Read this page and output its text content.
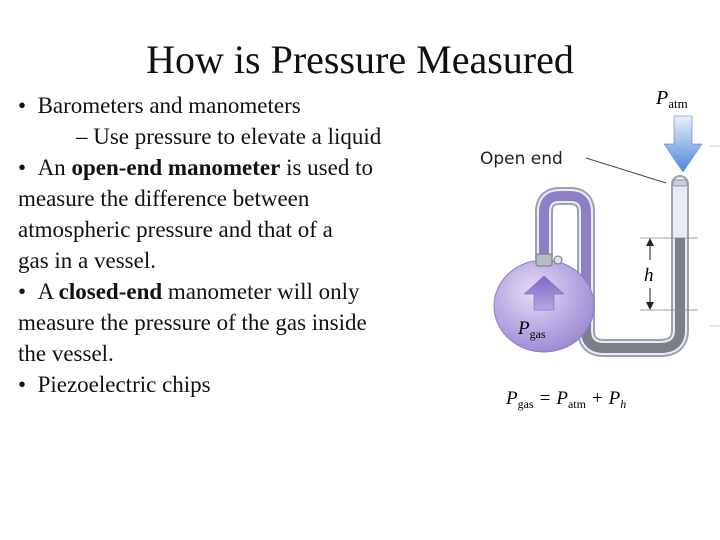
How is Pressure Measured
• Barometers and manometers
– Use pressure to elevate a liquid
• An open-end manometer is used to
measure the difference between
atmospheric pressure and that of a
gas in a vessel.
• A closed-end manometer will only
measure the pressure of the gas inside
the vessel.
• Piezoelectric chips
$P_{atm}$
Open end
$P_{gas}$
h
$P_{gas} = P_{atm} + P_h$
